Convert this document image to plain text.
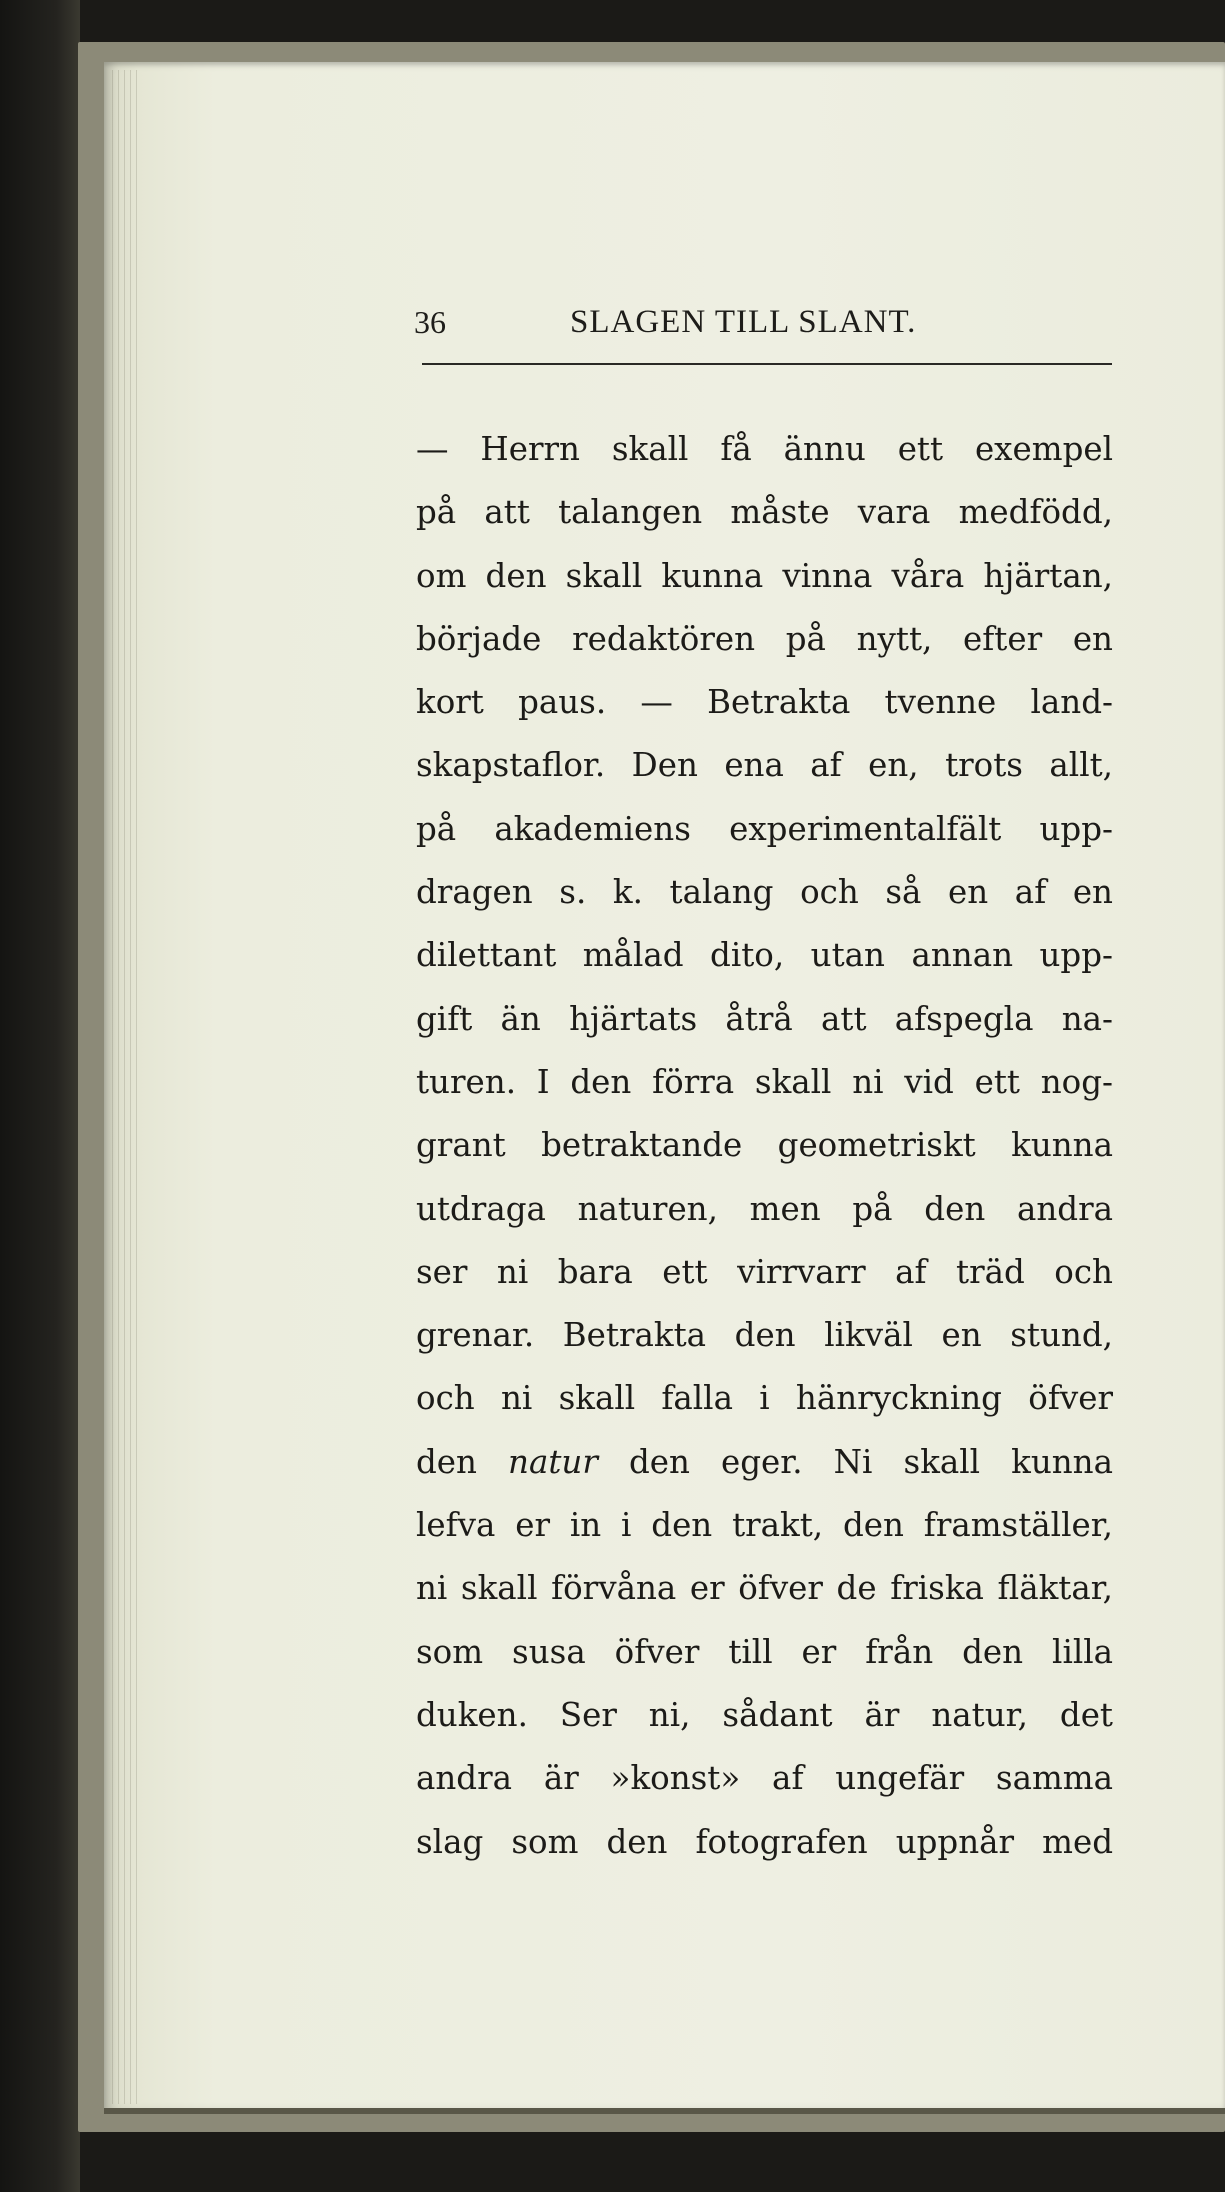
36	SLAGEN TILL SLANT.
— Herrn skall få ännu ett exempel
på att talangen måste vara medfödd,
om den skall kunna vinna våra hjärtan,
började redaktören på nytt, efter en
kort paus. — Betrakta tvenne land-
skapstaflor. Den ena af en, trots allt,
på akademiens experimentalfält upp-
dragen s. k. talang och så en af en
dilettant målad dito, utan annan upp-
gift än hjärtats åtrå att afspegla na-
turen. I den förra skall ni vid ett nog-
grant betraktande geometriskt kunna
utdraga naturen, men på den andra
ser ni bara ett virrvarr af träd och
grenar. Betrakta den likväl en stund,
och ni skall falla i hänryckning öfver
den natur den eger. Ni skall kunna
lefva er in i den trakt, den framställer,
ni skall förvåna er öfver de friska fläktar,
som susa öfver till er från den lilla
duken. Ser ni, sådant är natur, det
andra är »konst» af ungefär samma
slag som den fotografen uppnår med
